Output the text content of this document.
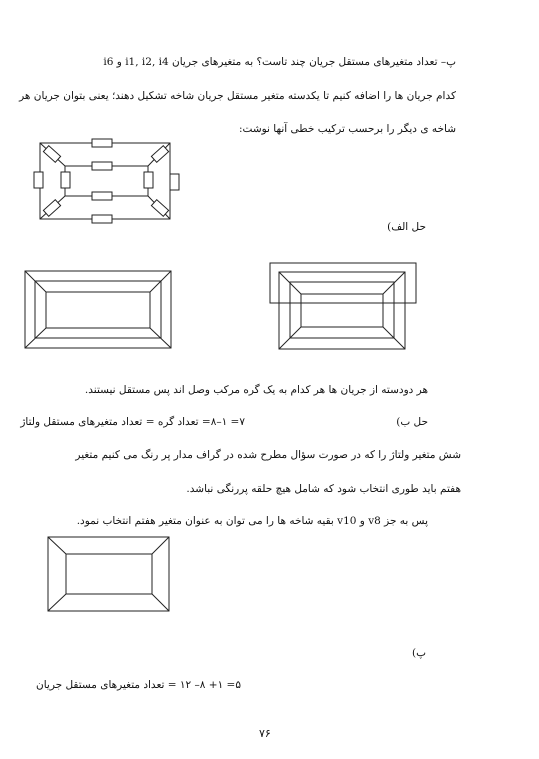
پ– تعداد متغیرهای مستقل جریان چند تاست؟ به متغیرهای جریان i1, i2, i4 و i6
کدام جریان ها را اضافه کنیم تا یکدسته متغیر مستقل جریان شاخه تشکیل دهند؛ یعنی بتوان جریان هر
شاخه ی دیگر را برحسب ترکیب خطی آنها نوشت:
حل الف)
هر دودسته از جریان ها هر کدام به یک گره مرکب وصل اند پس مستقل نیستند.
حل ب)
۷= ۱–۸= تعداد گره = تعداد متغیرهای مستقل ولتاژ
شش متغیر ولتاژ را که در صورت سؤال مطرح شده در گراف مدار پر رنگ می کنیم متغیر
هفتم باید طوری انتخاب شود که شامل هیچ حلقه پررنگی نباشد.
پس به جز v8 و v10 بقیه شاخه ها را می توان به عنوان متغیر هفتم انتخاب نمود.
پ)
۵= ۱+ ۸– ۱۲ = تعداد متغیرهای مستقل جریان
۷۶
